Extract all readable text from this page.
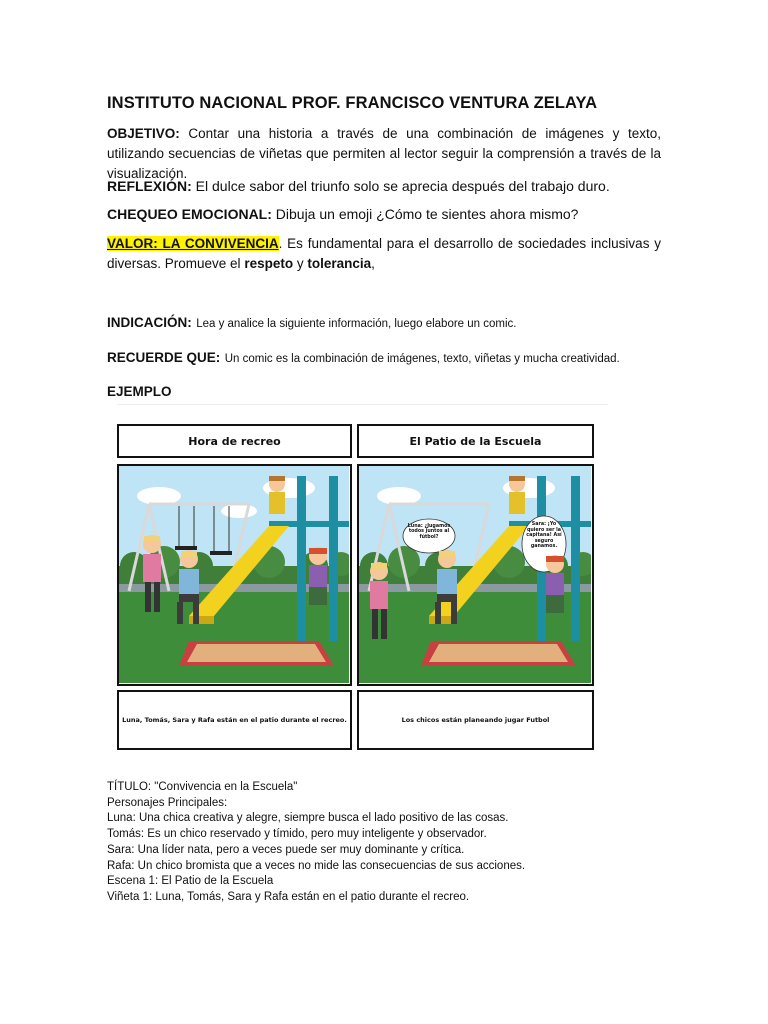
INSTITUTO NACIONAL PROF. FRANCISCO VENTURA ZELAYA
OBJETIVO: Contar una historia a través de una combinación de imágenes y texto, utilizando secuencias de viñetas que permiten al lector seguir la comprensión a través de la visualización.
REFLEXIÓN: El dulce sabor del triunfo solo se aprecia después del trabajo duro.
CHEQUEO EMOCIONAL: Dibuja un emoji ¿Cómo te sientes ahora mismo?
VALOR: LA CONVIVENCIA. Es fundamental para el desarrollo de sociedades inclusivas y diversas. Promueve el respeto y tolerancia,
INDICACIÓN: Lea y analice la siguiente información, luego elabore un comic.
RECUERDE QUE: Un comic es la combinación de imágenes, texto, viñetas y mucha creatividad.
EJEMPLO
Hora de recreo	El Patio de la Escuela
Luna: ¿Jugamos todos juntos al fútbol?
Sara: ¡Yo quiero ser la capitana! Así seguro ganamos.
Luna, Tomás, Sara y Rafa están en el patio durante el recreo.	Los chicos están planeando jugar Futbol
TÍTULO: "Convivencia en la Escuela"
Personajes Principales:
Luna: Una chica creativa y alegre, siempre busca el lado positivo de las cosas.
Tomás: Es un chico reservado y tímido, pero muy inteligente y observador.
Sara: Una líder nata, pero a veces puede ser muy dominante y crítica.
Rafa: Un chico bromista que a veces no mide las consecuencias de sus acciones.
Escena 1: El Patio de la Escuela
Viñeta 1: Luna, Tomás, Sara y Rafa están en el patio durante el recreo.
